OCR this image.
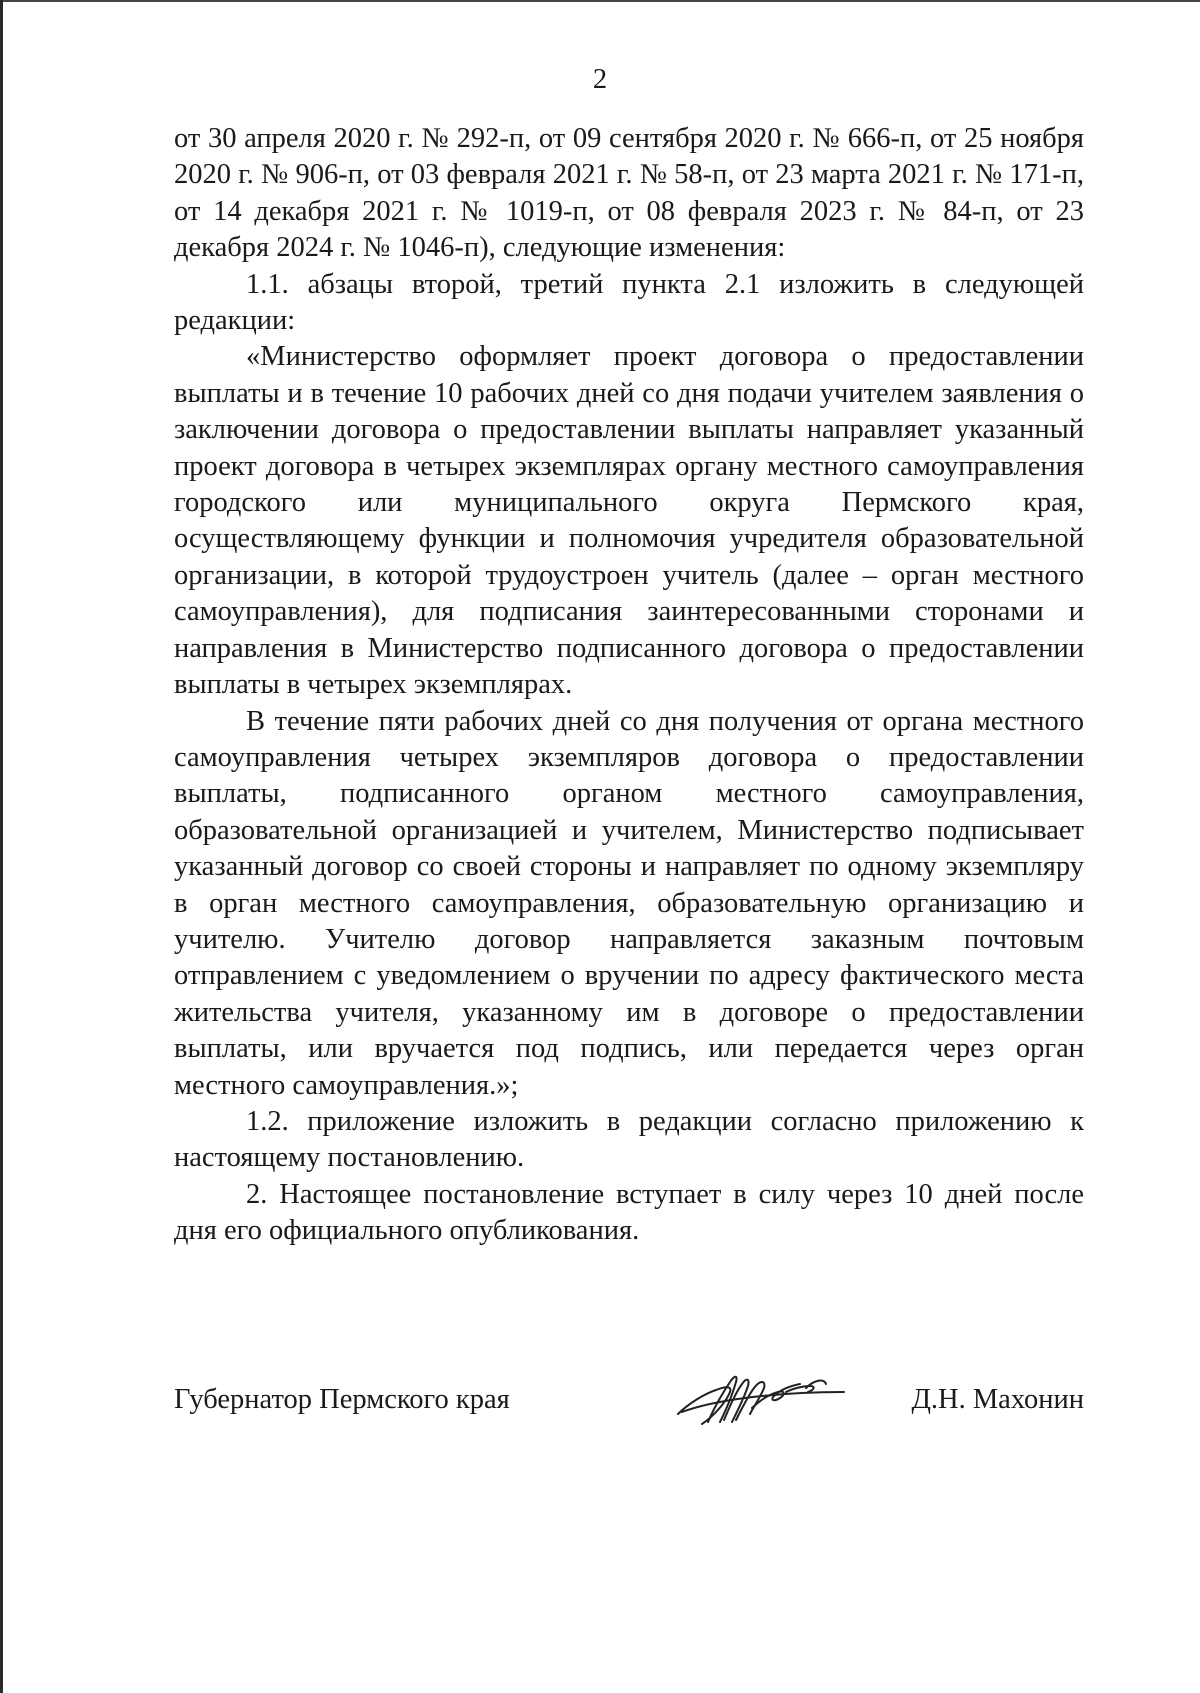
2

от 30 апреля 2020 г. № 292-п, от 09 сентября 2020 г. № 666-п, от 25 ноября 2020 г. № 906-п, от 03 февраля 2021 г. № 58-п, от 23 марта 2021 г. № 171-п, от 14 декабря 2021 г. № 1019-п, от 08 февраля 2023 г. № 84-п, от 23 декабря 2024 г. № 1046-п), следующие изменения:

1.1. абзацы второй, третий пункта 2.1 изложить в следующей редакции:

«Министерство оформляет проект договора о предоставлении выплаты и в течение 10 рабочих дней со дня подачи учителем заявления о заключении договора о предоставлении выплаты направляет указанный проект договора в четырех экземплярах органу местного самоуправления городского или муниципального округа Пермского края, осуществляющему функции и полномочия учредителя образовательной организации, в которой трудоустроен учитель (далее – орган местного самоуправления), для подписания заинтересованными сторонами и направления в Министерство подписанного договора о предоставлении выплаты в четырех экземплярах.

В течение пяти рабочих дней со дня получения от органа местного самоуправления четырех экземпляров договора о предоставлении выплаты, подписанного органом местного самоуправления, образовательной организацией и учителем, Министерство подписывает указанный договор со своей стороны и направляет по одному экземпляру в орган местного самоуправления, образовательную организацию и учителю. Учителю договор направляется заказным почтовым отправлением с уведомлением о вручении по адресу фактического места жительства учителя, указанному им в договоре о предоставлении выплаты, или вручается под подпись, или передается через орган местного самоуправления.»;

1.2. приложение изложить в редакции согласно приложению к настоящему постановлению.

2. Настоящее постановление вступает в силу через 10 дней после дня его официального опубликования.

Губернатор Пермского края	Д.Н. Махонин
